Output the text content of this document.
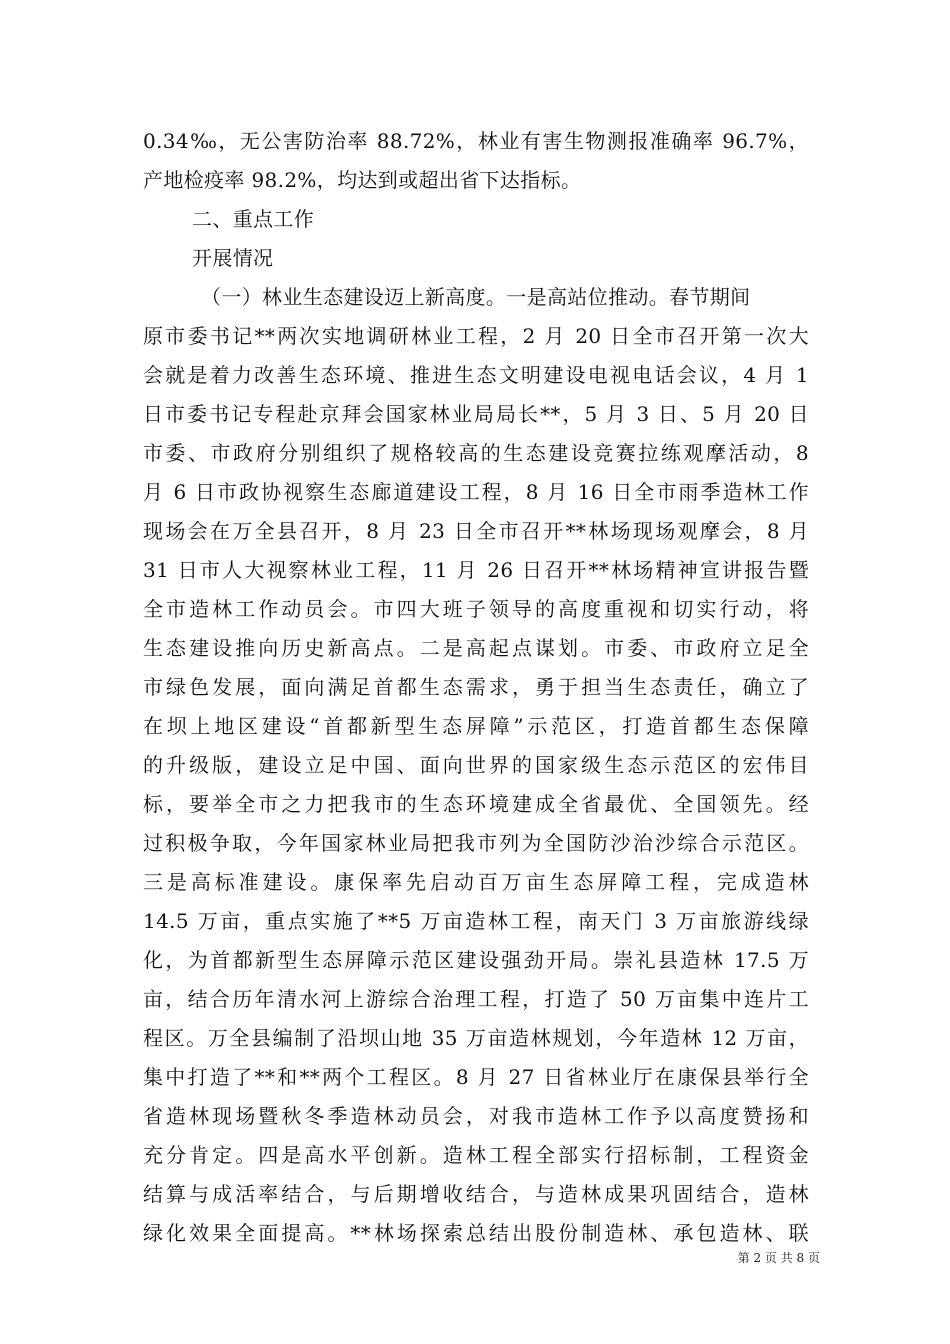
0.34‰，无公害防治率 88.72%，林业有害生物测报准确率 96.7%，
产地检疫率 98.2%，均达到或超出省下达指标。
二、重点工作
开展情况
（一）林业生态建设迈上新高度。一是高站位推动。春节期间
原市委书记**两次实地调研林业工程，2 月 20 日全市召开第一次大
会就是着力改善生态环境、推进生态文明建设电视电话会议，4 月 1
日市委书记专程赴京拜会国家林业局局长**，5 月 3 日、5 月 20 日
市委、市政府分别组织了规格较高的生态建设竞赛拉练观摩活动，8
月 6 日市政协视察生态廊道建设工程，8 月 16 日全市雨季造林工作
现场会在万全县召开，8 月 23 日全市召开**林场现场观摩会，8 月
31 日市人大视察林业工程，11 月 26 日召开**林场精神宣讲报告暨
全市造林工作动员会。市四大班子领导的高度重视和切实行动，将
生态建设推向历史新高点。二是高起点谋划。市委、市政府立足全
市绿色发展，面向满足首都生态需求，勇于担当生态责任，确立了
在坝上地区建设“首都新型生态屏障”示范区，打造首都生态保障
的升级版，建设立足中国、面向世界的国家级生态示范区的宏伟目
标，要举全市之力把我市的生态环境建成全省最优、全国领先。经
过积极争取，今年国家林业局把我市列为全国防沙治沙综合示范区。
三是高标准建设。康保率先启动百万亩生态屏障工程，完成造林
14.5 万亩，重点实施了**5 万亩造林工程，南天门 3 万亩旅游线绿
化，为首都新型生态屏障示范区建设强劲开局。崇礼县造林 17.5 万
亩，结合历年清水河上游综合治理工程，打造了 50 万亩集中连片工
程区。万全县编制了沿坝山地 35 万亩造林规划，今年造林 12 万亩，
集中打造了**和**两个工程区。8 月 27 日省林业厅在康保县举行全
省造林现场暨秋冬季造林动员会，对我市造林工作予以高度赞扬和
充分肯定。四是高水平创新。造林工程全部实行招标制，工程资金
结算与成活率结合，与后期增收结合，与造林成果巩固结合，造林
绿化效果全面提高。**林场探索总结出股份制造林、承包造林、联
第 2 页 共 8 页
